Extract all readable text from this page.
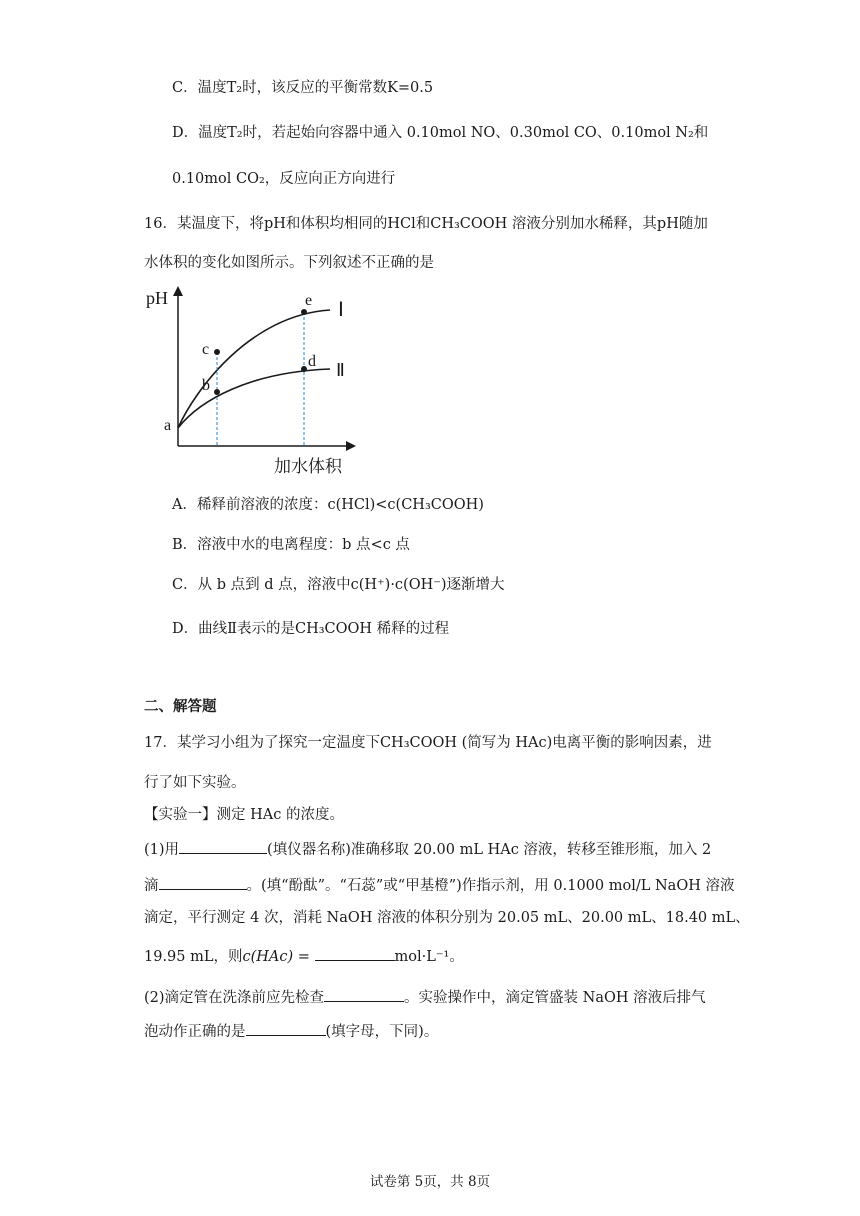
C．温度T₂时，该反应的平衡常数K=0.5
D．温度T₂时，若起始向容器中通入 0.10mol NO、0.30mol CO、0.10mol N₂和
0.10mol CO₂，反应向正方向进行
16．某温度下，将pH和体积均相同的HCl和CH₃COOH 溶液分别加水稀释，其pH随加
水体积的变化如图所示。下列叙述不正确的是
pH
加水体积
a
b
c
d
e Ⅰ
Ⅱ
A．稀释前溶液的浓度：c(HCl)<c(CH₃COOH)
B．溶液中水的电离程度：b 点<c 点
C．从 b 点到 d 点，溶液中c(H⁺)·c(OH⁻)逐渐增大
D．曲线Ⅱ表示的是CH₃COOH 稀释的过程
二、解答题
17．某学习小组为了探究一定温度下CH₃COOH (简写为 HAc)电离平衡的影响因素，进
行了如下实验。
【实验一】测定 HAc 的浓度。
(1)用	(填仪器名称)准确移取 20.00 mL HAc 溶液，转移至锥形瓶，加入 2
滴	。(填“酚酞”。“石蕊”或“甲基橙”)作指示剂，用 0.1000 mol/L NaOH 溶液
滴定，平行测定 4 次，消耗 NaOH 溶液的体积分别为 20.05 mL、20.00 mL、18.40 mL、
19.95 mL，则c(HAc) =	mol·L⁻¹。
(2)滴定管在洗涤前应先检查	。实验操作中，滴定管盛装 NaOH 溶液后排气
泡动作正确的是	(填字母，下同)。
试卷第 5页，共 8页
